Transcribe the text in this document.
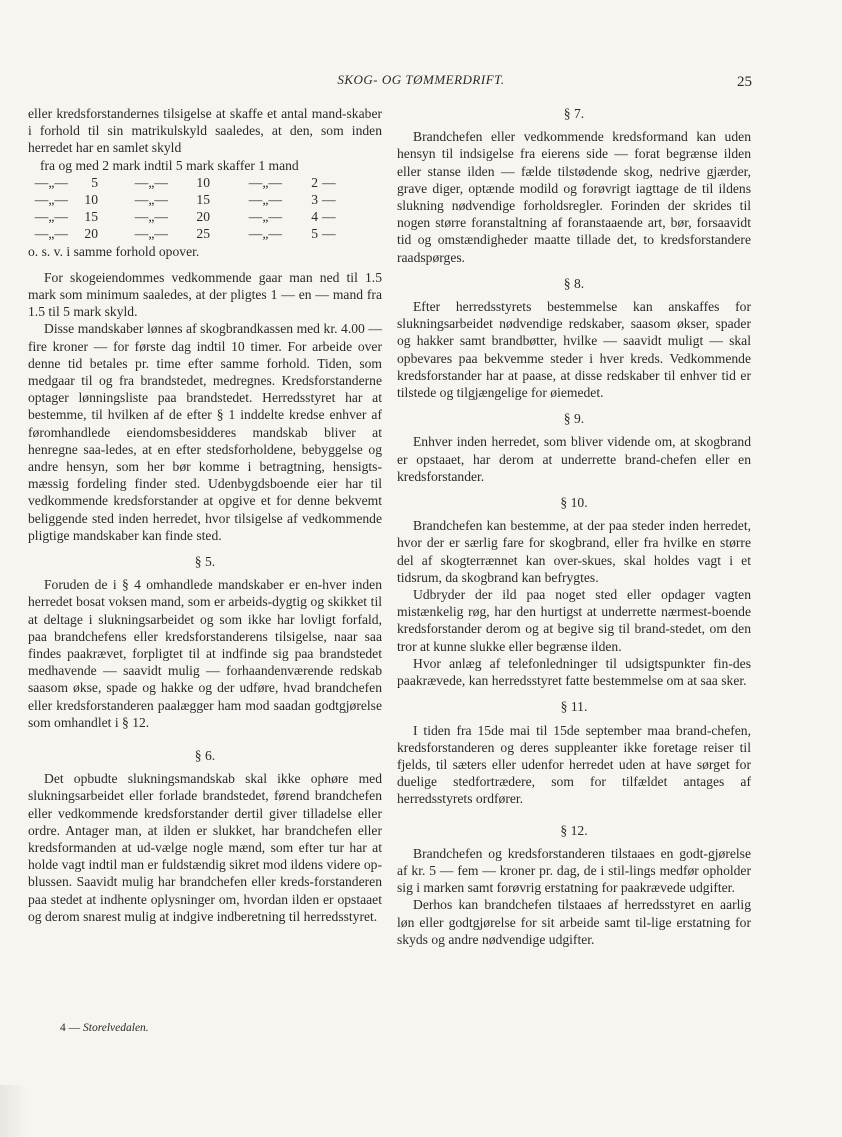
SKOG- OG TØMMERDRIFT.	25

eller kredsforstandernes tilsigelse at skaffe et antal mand-skaber i forhold til sin matrikulskyld saaledes, at den, som inden herredet har en samlet skyld

fra og med 2 mark indtil 5 mark skaffer 1 mand

—„—	5	—„—	10	—„—	2 —
—„—	10	—„—	15	—„—	3 —
—„—	15	—„—	20	—„—	4 —
—„—	20	—„—	25	—„—	5 —

o. s. v. i samme forhold opover.

For skogeiendommes vedkommende gaar man ned til 1.5 mark som minimum saaledes, at der pligtes 1 — en — mand fra 1.5 til 5 mark skyld.

Disse mandskaber lønnes af skogbrandkassen med kr. 4.00 — fire kroner — for første dag indtil 10 timer. For arbeide over denne tid betales pr. time efter samme forhold. Tiden, som medgaar til og fra brandstedet, medregnes. Kredsforstanderne optager lønningsliste paa brandstedet. Herredsstyret har at bestemme, til hvilken af de efter § 1 inddelte kredse enhver af føromhandlede eiendomsbesidderes mandskab bliver at henregne saa-ledes, at en efter stedsforholdene, bebyggelse og andre hensyn, som her bør komme i betragtning, hensigts-mæssig fordeling finder sted. Udenbygdsboende eier har til vedkommende kredsforstander at opgive et for denne bekvemt beliggende sted inden herredet, hvor tilsigelse af vedkommende pligtige mandskaber kan finde sted.

§ 5.

Foruden de i § 4 omhandlede mandskaber er en-hver inden herredet bosat voksen mand, som er arbeids-dygtig og skikket til at deltage i slukningsarbeidet og som ikke har lovligt forfald, paa brandchefens eller kredsforstanderens tilsigelse, naar saa findes paakrævet, forpligtet til at indfinde sig paa brandstedet medhavende — saavidt mulig — forhaandenværende redskab saasom økse, spade og hakke og der udføre, hvad brandchefen eller kredsforstanderen paalægger ham mod saadan godtgjørelse som omhandlet i § 12.

§ 6.

Det opbudte slukningsmandskab skal ikke ophøre med slukningsarbeidet eller forlade brandstedet, førend brandchefen eller vedkommende kredsforstander dertil giver tilladelse eller ordre. Antager man, at ilden er slukket, har brandchefen eller kredsformanden at ud-vælge nogle mænd, som efter tur har at holde vagt indtil man er fuldstændig sikret mod ildens videre op-blussen. Saavidt mulig har brandchefen eller kreds-forstanderen paa stedet at indhente oplysninger om, hvordan ilden er opstaaet og derom snarest mulig at indgive indberetning til herredsstyret.

§ 7.

Brandchefen eller vedkommende kredsformand kan uden hensyn til indsigelse fra eierens side — forat begrænse ilden eller stanse ilden — fælde tilstødende skog, nedrive gjærder, grave diger, optænde modild og forøvrigt iagttage de til ildens slukning nødvendige forholdsregler. Forinden der skrides til nogen større foranstaltning af foranstaaende art, bør, forsaavidt tid og omstændigheder maatte tillade det, to kredsforstandere raadspørges.

§ 8.

Efter herredsstyrets bestemmelse kan anskaffes for slukningsarbeidet nødvendige redskaber, saasom økser, spader og hakker samt brandbøtter, hvilke — saavidt muligt — skal opbevares paa bekvemme steder i hver kreds. Vedkommende kredsforstander har at paase, at disse redskaber til enhver tid er tilstede og tilgjængelige for øiemedet.

§ 9.

Enhver inden herredet, som bliver vidende om, at skogbrand er opstaaet, har derom at underrette brand-chefen eller en kredsforstander.

§ 10.

Brandchefen kan bestemme, at der paa steder inden herredet, hvor der er særlig fare for skogbrand, eller fra hvilke en større del af skogterrænnet kan over-skues, skal holdes vagt i et tidsrum, da skogbrand kan befrygtes.

Udbryder der ild paa noget sted eller opdager vagten mistænkelig røg, har den hurtigst at underrette nærmest-boende kredsforstander derom og at begive sig til brand-stedet, om den tror at kunne slukke eller begrænse ilden.

Hvor anlæg af telefonledninger til udsigtspunkter fin-des paakrævede, kan herredsstyret fatte bestemmelse om at saa sker.

§ 11.

I tiden fra 15de mai til 15de september maa brand-chefen, kredsforstanderen og deres suppleanter ikke foretage reiser til fjelds, til sæters eller udenfor herredet uden at have sørget for duelige stedfortrædere, som for tilfældet antages af herredsstyrets ordfører.

§ 12.

Brandchefen og kredsforstanderen tilstaaes en godt-gjørelse af kr. 5 — fem — kroner pr. dag, de i stil-lings medfør opholder sig i marken samt forøvrig erstatning for paakrævede udgifter.

Derhos kan brandchefen tilstaaes af herredsstyret en aarlig løn eller godtgjørelse for sit arbeide samt til-lige erstatning for skyds og andre nødvendige udgifter.

4 — Storelvedalen.
